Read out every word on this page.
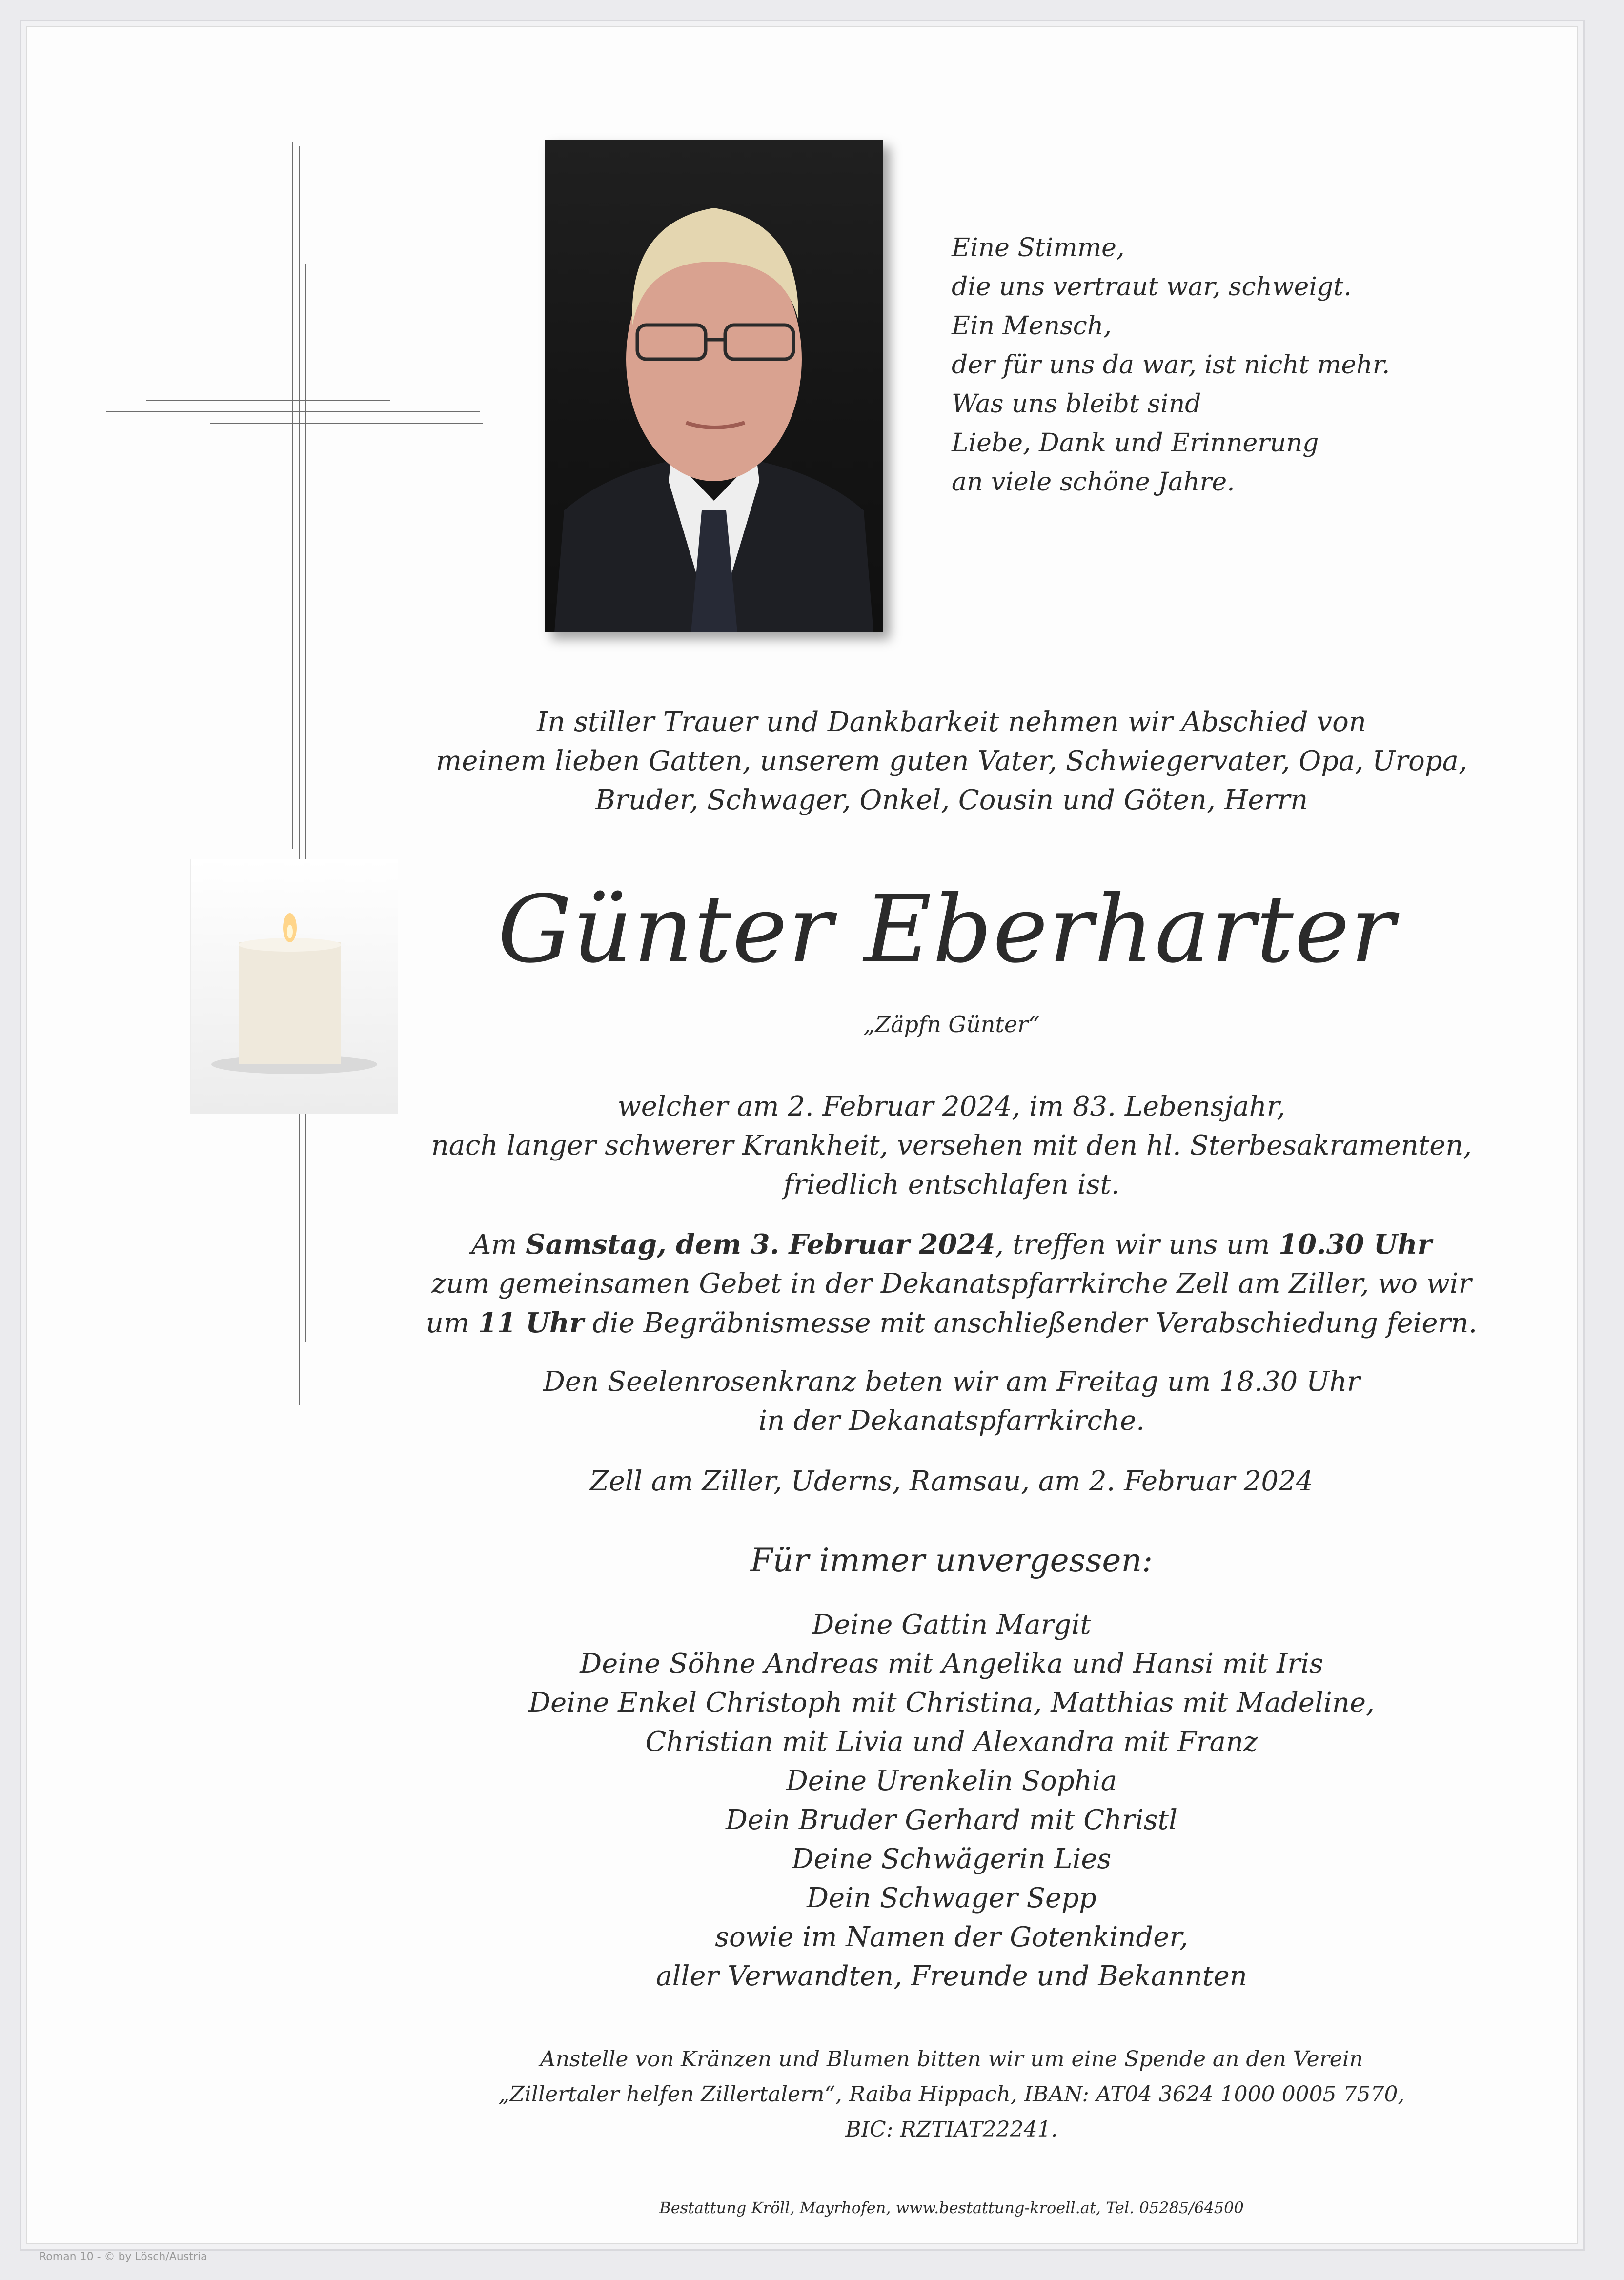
Eine Stimme,
die uns vertraut war, schweigt.
Ein Mensch,
der für uns da war, ist nicht mehr.
Was uns bleibt sind
Liebe, Dank und Erinnerung
an viele schöne Jahre.
In stiller Trauer und Dankbarkeit nehmen wir Abschied von
meinem lieben Gatten, unserem guten Vater, Schwiegervater, Opa, Uropa,
Bruder, Schwager, Onkel, Cousin und Göten, Herrn
Günter Eberharter
„Zäpfn Günter“
welcher am 2. Februar 2024, im 83. Lebensjahr,
nach langer schwerer Krankheit, versehen mit den hl. Sterbesakramenten,
friedlich entschlafen ist.
Am Samstag, dem 3. Februar 2024, treffen wir uns um 10.30 Uhr
zum gemeinsamen Gebet in der Dekanatspfarrkirche Zell am Ziller, wo wir
um 11 Uhr die Begräbnismesse mit anschließender Verabschiedung feiern.
Den Seelenrosenkranz beten wir am Freitag um 18.30 Uhr
in der Dekanatspfarrkirche.
Zell am Ziller, Uderns, Ramsau, am 2. Februar 2024
Für immer unvergessen:
Deine Gattin Margit
Deine Söhne Andreas mit Angelika und Hansi mit Iris
Deine Enkel Christoph mit Christina, Matthias mit Madeline,
Christian mit Livia und Alexandra mit Franz
Deine Urenkelin Sophia
Dein Bruder Gerhard mit Christl
Deine Schwägerin Lies
Dein Schwager Sepp
sowie im Namen der Gotenkinder,
aller Verwandten, Freunde und Bekannten
Anstelle von Kränzen und Blumen bitten wir um eine Spende an den Verein
„Zillertaler helfen Zillertalern“, Raiba Hippach, IBAN: AT04 3624 1000 0005 7570,
BIC: RZTIAT22241.
Bestattung Kröll, Mayrhofen, www.bestattung-kroell.at, Tel. 05285/64500
Roman 10 - © by Lösch/Austria
